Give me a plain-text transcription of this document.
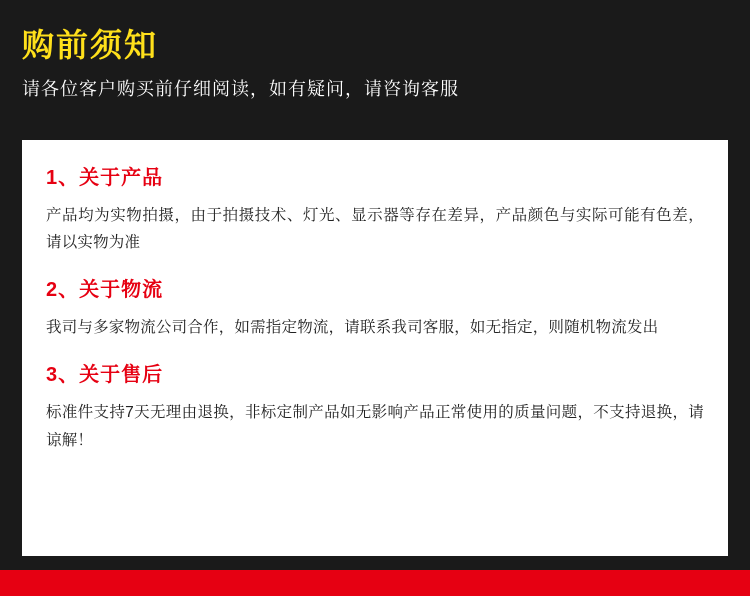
购前须知

请各位客户购买前仔细阅读，如有疑问，请咨询客服

1、关于产品

产品均为实物拍摄，由于拍摄技术、灯光、显示器等存在差异，产品颜色与实际可能有色差，请以实物为准

2、关于物流

我司与多家物流公司合作，如需指定物流，请联系我司客服，如无指定，则随机物流发出

3、关于售后

标准件支持7天无理由退换，非标定制产品如无影响产品正常使用的质量问题，不支持退换，请谅解！
